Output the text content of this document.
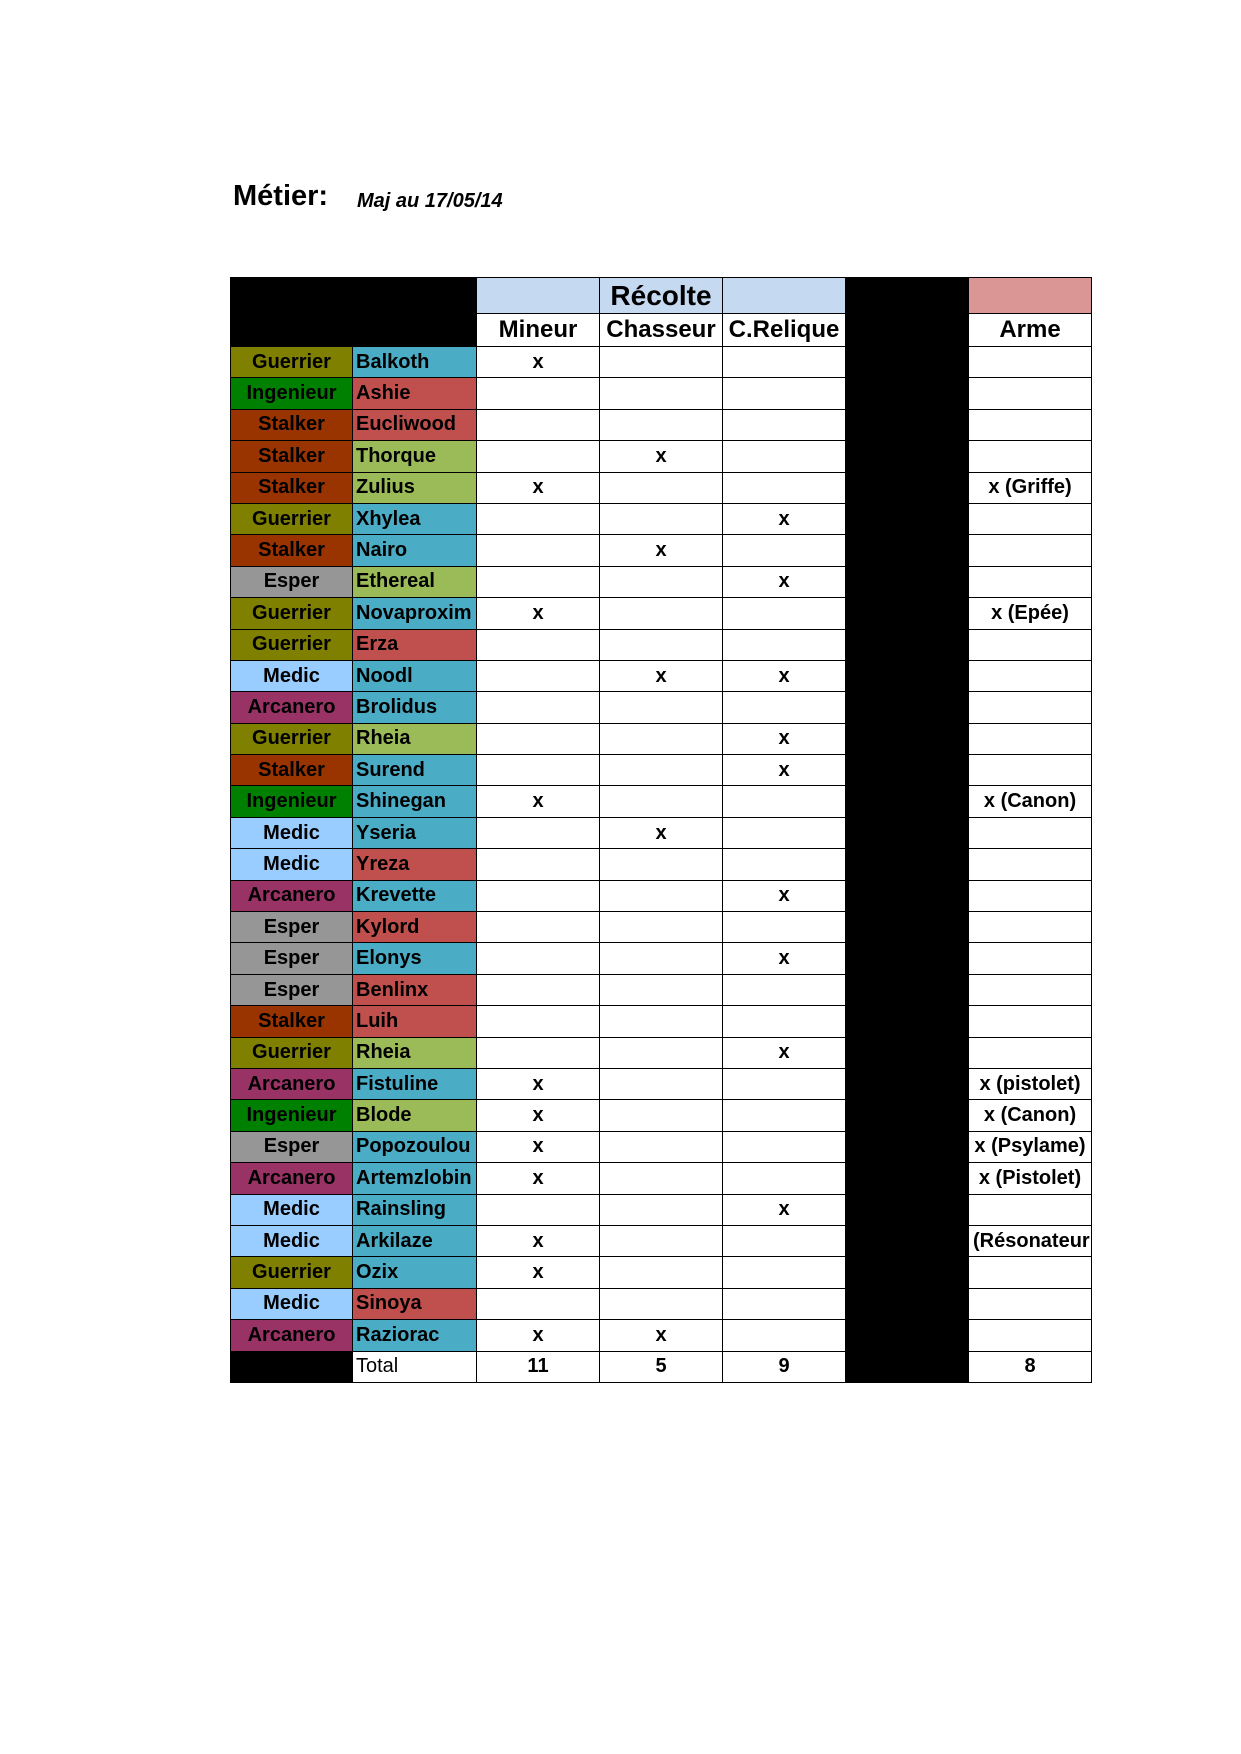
Métier: Maj au 17/05/14
			Récolte			
		Mineur	Chasseur	C.Relique		Arme
Guerrier	Balkoth	x				
Ingenieur	Ashie					
Stalker	Eucliwood					
Stalker	Thorque		x			
Stalker	Zulius	x				x (Griffe)
Guerrier	Xhylea			x		
Stalker	Nairo		x			
Esper	Ethereal			x		
Guerrier	Novaproxim	x				x (Epée)
Guerrier	Erza					
Medic	Noodl		x	x		
Arcanero	Brolidus					
Guerrier	Rheia			x		
Stalker	Surend			x		
Ingenieur	Shinegan	x				x (Canon)
Medic	Yseria		x			
Medic	Yreza					
Arcanero	Krevette			x		
Esper	Kylord					
Esper	Elonys			x		
Esper	Benlinx					
Stalker	Luih					
Guerrier	Rheia			x		
Arcanero	Fistuline	x				x (pistolet)
Ingenieur	Blode	x				x (Canon)
Esper	Popozoulou	x				x (Psylame)
Arcanero	Artemzlobin	x				x (Pistolet)
Medic	Rainsling			x		
Medic	Arkilaze	x				(Résonateur
Guerrier	Ozix	x				
Medic	Sinoya					
Arcanero	Raziorac	x	x			
	Total	11	5	9		8
